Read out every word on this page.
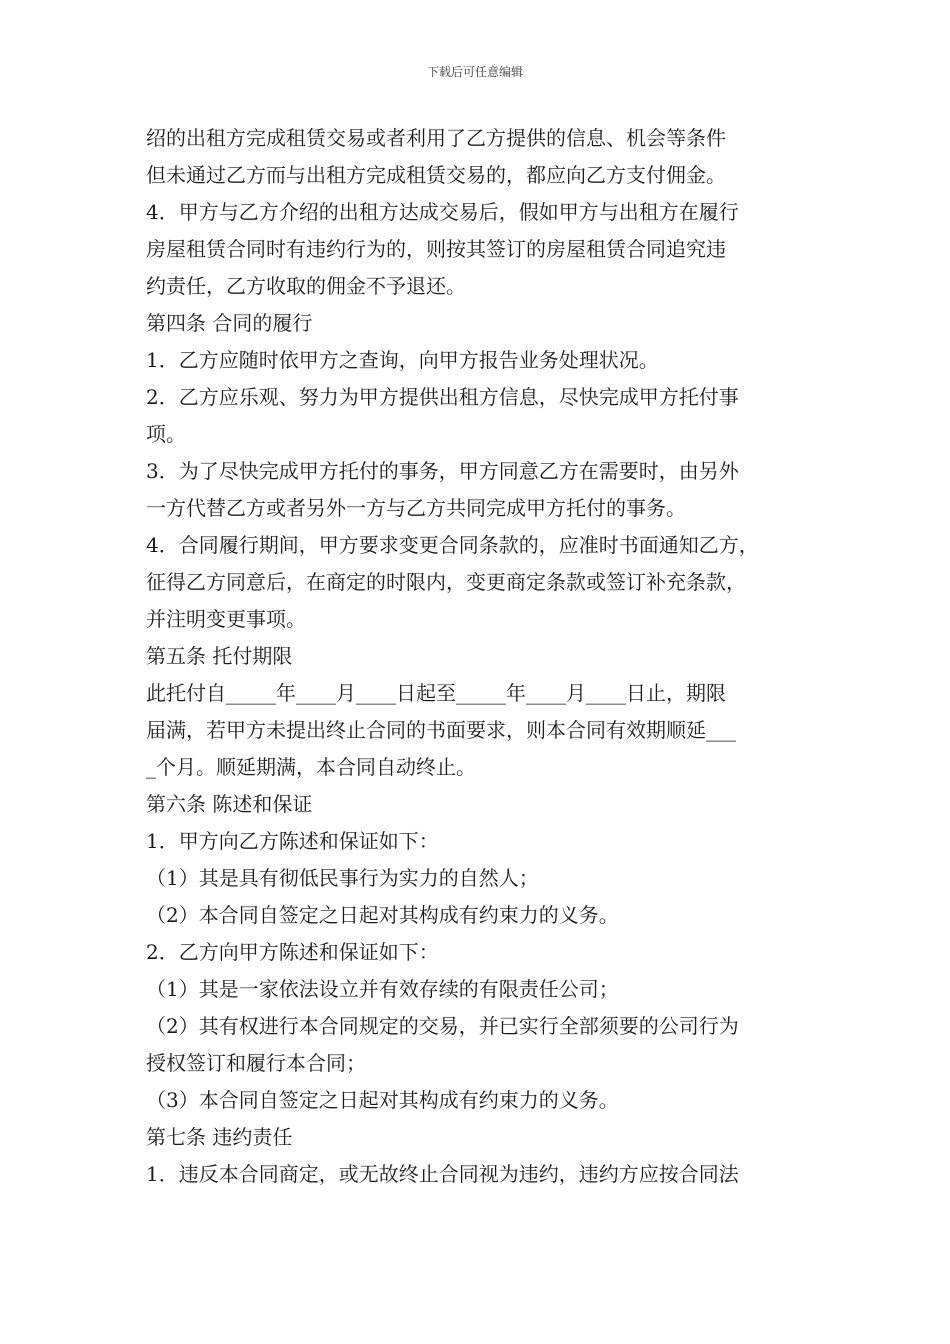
下载后可任意编辑
绍的出租方完成租赁交易或者利用了乙方提供的信息、机会等条件
但未通过乙方而与出租方完成租赁交易的，都应向乙方支付佣金。
4．甲方与乙方介绍的出租方达成交易后，假如甲方与出租方在履行
房屋租赁合同时有违约行为的，则按其签订的房屋租赁合同追究违
约责任，乙方收取的佣金不予退还。
第四条 合同的履行
1．乙方应随时依甲方之查询，向甲方报告业务处理状况。
2．乙方应乐观、努力为甲方提供出租方信息，尽快完成甲方托付事
项。
3．为了尽快完成甲方托付的事务，甲方同意乙方在需要时，由另外
一方代替乙方或者另外一方与乙方共同完成甲方托付的事务。
4．合同履行期间，甲方要求变更合同条款的，应准时书面通知乙方，
征得乙方同意后，在商定的时限内，变更商定条款或签订补充条款，
并注明变更事项。
第五条 托付期限
此托付自_____年____月____日起至_____年____月____日止，期限
届满，若甲方未提出终止合同的书面要求，则本合同有效期顺延___
_个月。顺延期满，本合同自动终止。
第六条 陈述和保证
1．甲方向乙方陈述和保证如下：
（1）其是具有彻低民事行为实力的自然人；
（2）本合同自签定之日起对其构成有约束力的义务。
2．乙方向甲方陈述和保证如下：
（1）其是一家依法设立并有效存续的有限责任公司；
（2）其有权进行本合同规定的交易，并已实行全部须要的公司行为
授权签订和履行本合同；
（3）本合同自签定之日起对其构成有约束力的义务。
第七条 违约责任
1．违反本合同商定，或无故终止合同视为违约，违约方应按合同法
